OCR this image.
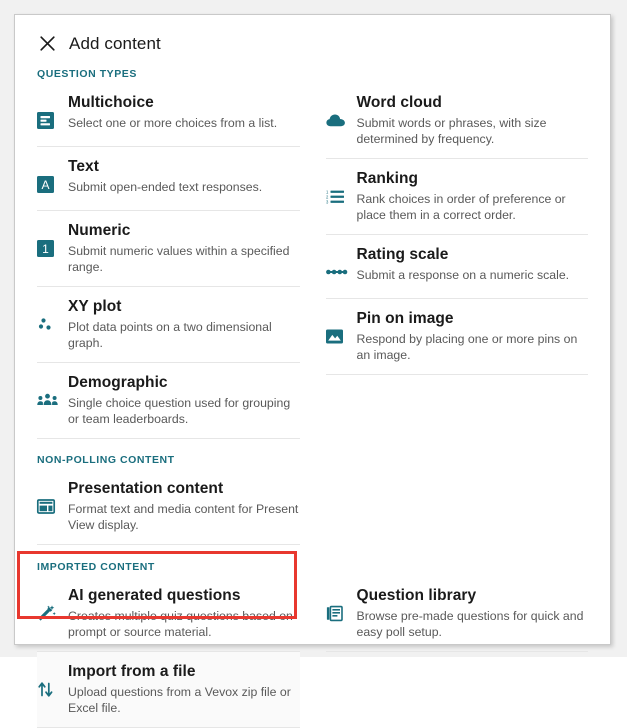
Add content
QUESTION TYPES
Multichoice
Select one or more choices from a list.
A
Text
Submit open-ended text responses.
1
Numeric
Submit numeric values within a specified range.
XY plot
Plot data points on a two dimensional graph.
Demographic
Single choice question used for grouping or team leaderboards.
Word cloud
Submit words or phrases, with size determined by frequency.
1
2
3
Ranking
Rank choices in order of preference or place them in a correct order.
Rating scale
Submit a response on a numeric scale.
Pin on image
Respond by placing one or more pins on an image.

NON-POLLING CONTENT
Presentation content
Format text and media content for Present View display.
IMPORTED CONTENT
AI generated questions
Creates multiple quiz questions based on prompt or source material.
Import from a file
Upload questions from a Vevox zip file or Excel file.
Question library
Browse pre-made questions for quick and easy poll setup.
